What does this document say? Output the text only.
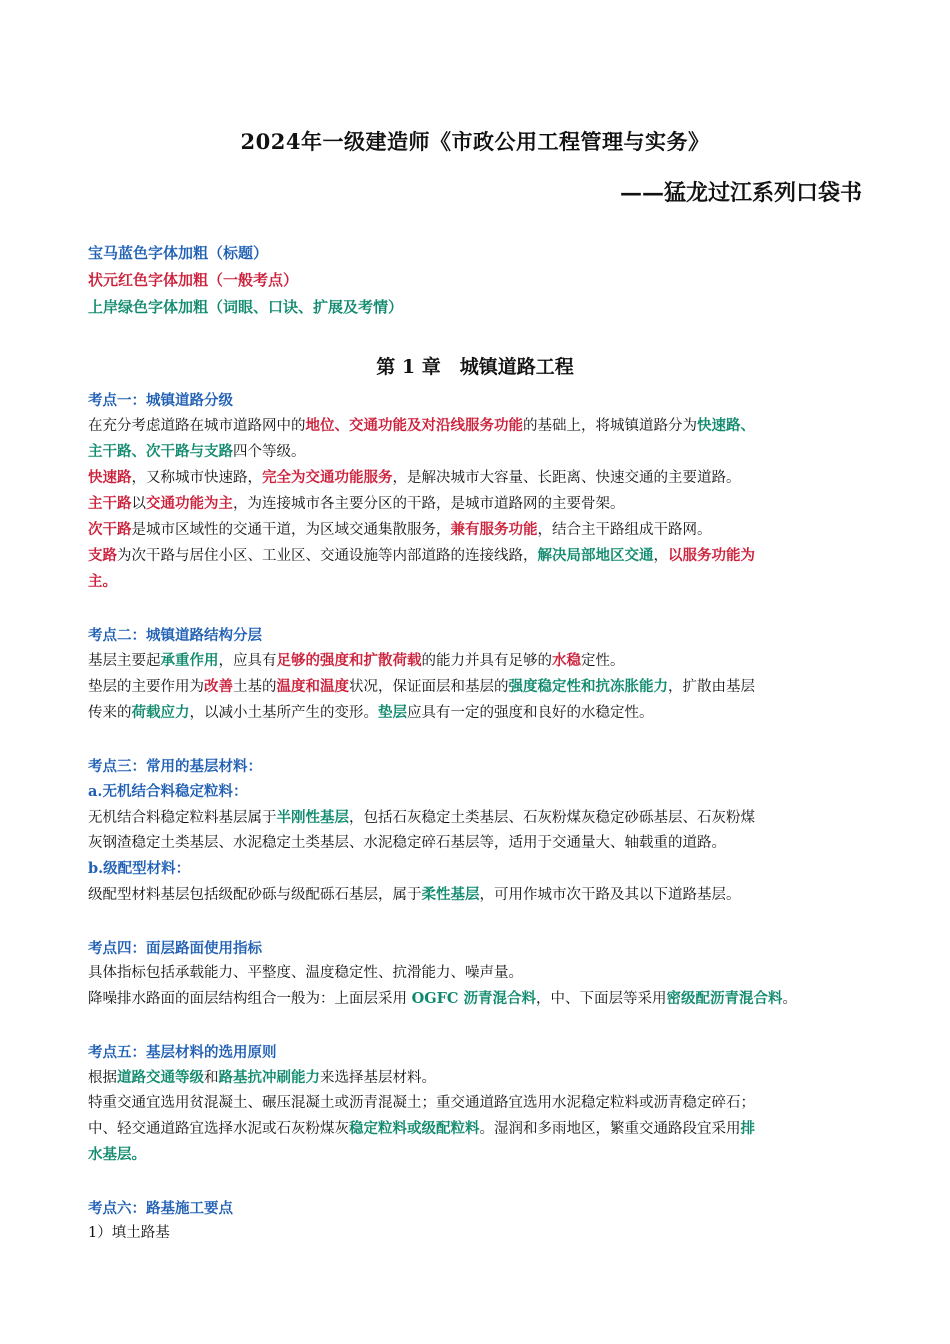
2024年一级建造师《市政公用工程管理与实务》
——猛龙过江系列口袋书
宝马蓝色字体加粗（标题）
状元红色字体加粗（一般考点）
上岸绿色字体加粗（词眼、口诀、扩展及考情）
第 1 章　城镇道路工程
考点一：城镇道路分级
在充分考虑道路在城市道路网中的地位、交通功能及对沿线服务功能的基础上，将城镇道路分为快速路、
主干路、次干路与支路四个等级。
快速路，又称城市快速路，完全为交通功能服务，是解决城市大容量、长距离、快速交通的主要道路。
主干路以交通功能为主，为连接城市各主要分区的干路，是城市道路网的主要骨架。
次干路是城市区域性的交通干道，为区域交通集散服务，兼有服务功能，结合主干路组成干路网。
支路为次干路与居住小区、工业区、交通设施等内部道路的连接线路，解决局部地区交通，以服务功能为
主。
考点二：城镇道路结构分层
基层主要起承重作用，应具有足够的强度和扩散荷载的能力并具有足够的水稳定性。
垫层的主要作用为改善土基的温度和温度状况，保证面层和基层的强度稳定性和抗冻胀能力，扩散由基层
传来的荷载应力，以减小土基所产生的变形。垫层应具有一定的强度和良好的水稳定性。
考点三：常用的基层材料：
a.无机结合料稳定粒料：
无机结合料稳定粒料基层属于半刚性基层，包括石灰稳定土类基层、石灰粉煤灰稳定砂砾基层、石灰粉煤
灰钢渣稳定土类基层、水泥稳定土类基层、水泥稳定碎石基层等，适用于交通量大、轴载重的道路。
b.级配型材料：
级配型材料基层包括级配砂砾与级配砾石基层，属于柔性基层，可用作城市次干路及其以下道路基层。
考点四：面层路面使用指标
具体指标包括承载能力、平整度、温度稳定性、抗滑能力、噪声量。
降噪排水路面的面层结构组合一般为：上面层采用 OGFC 沥青混合料，中、下面层等采用密级配沥青混合料。
考点五：基层材料的选用原则
根据道路交通等级和路基抗冲刷能力来选择基层材料。
特重交通宜选用贫混凝土、碾压混凝土或沥青混凝土；重交通道路宜选用水泥稳定粒料或沥青稳定碎石；
中、轻交通道路宜选择水泥或石灰粉煤灰稳定粒料或级配粒料。湿润和多雨地区，繁重交通路段宜采用排
水基层。
考点六：路基施工要点
1）填土路基
